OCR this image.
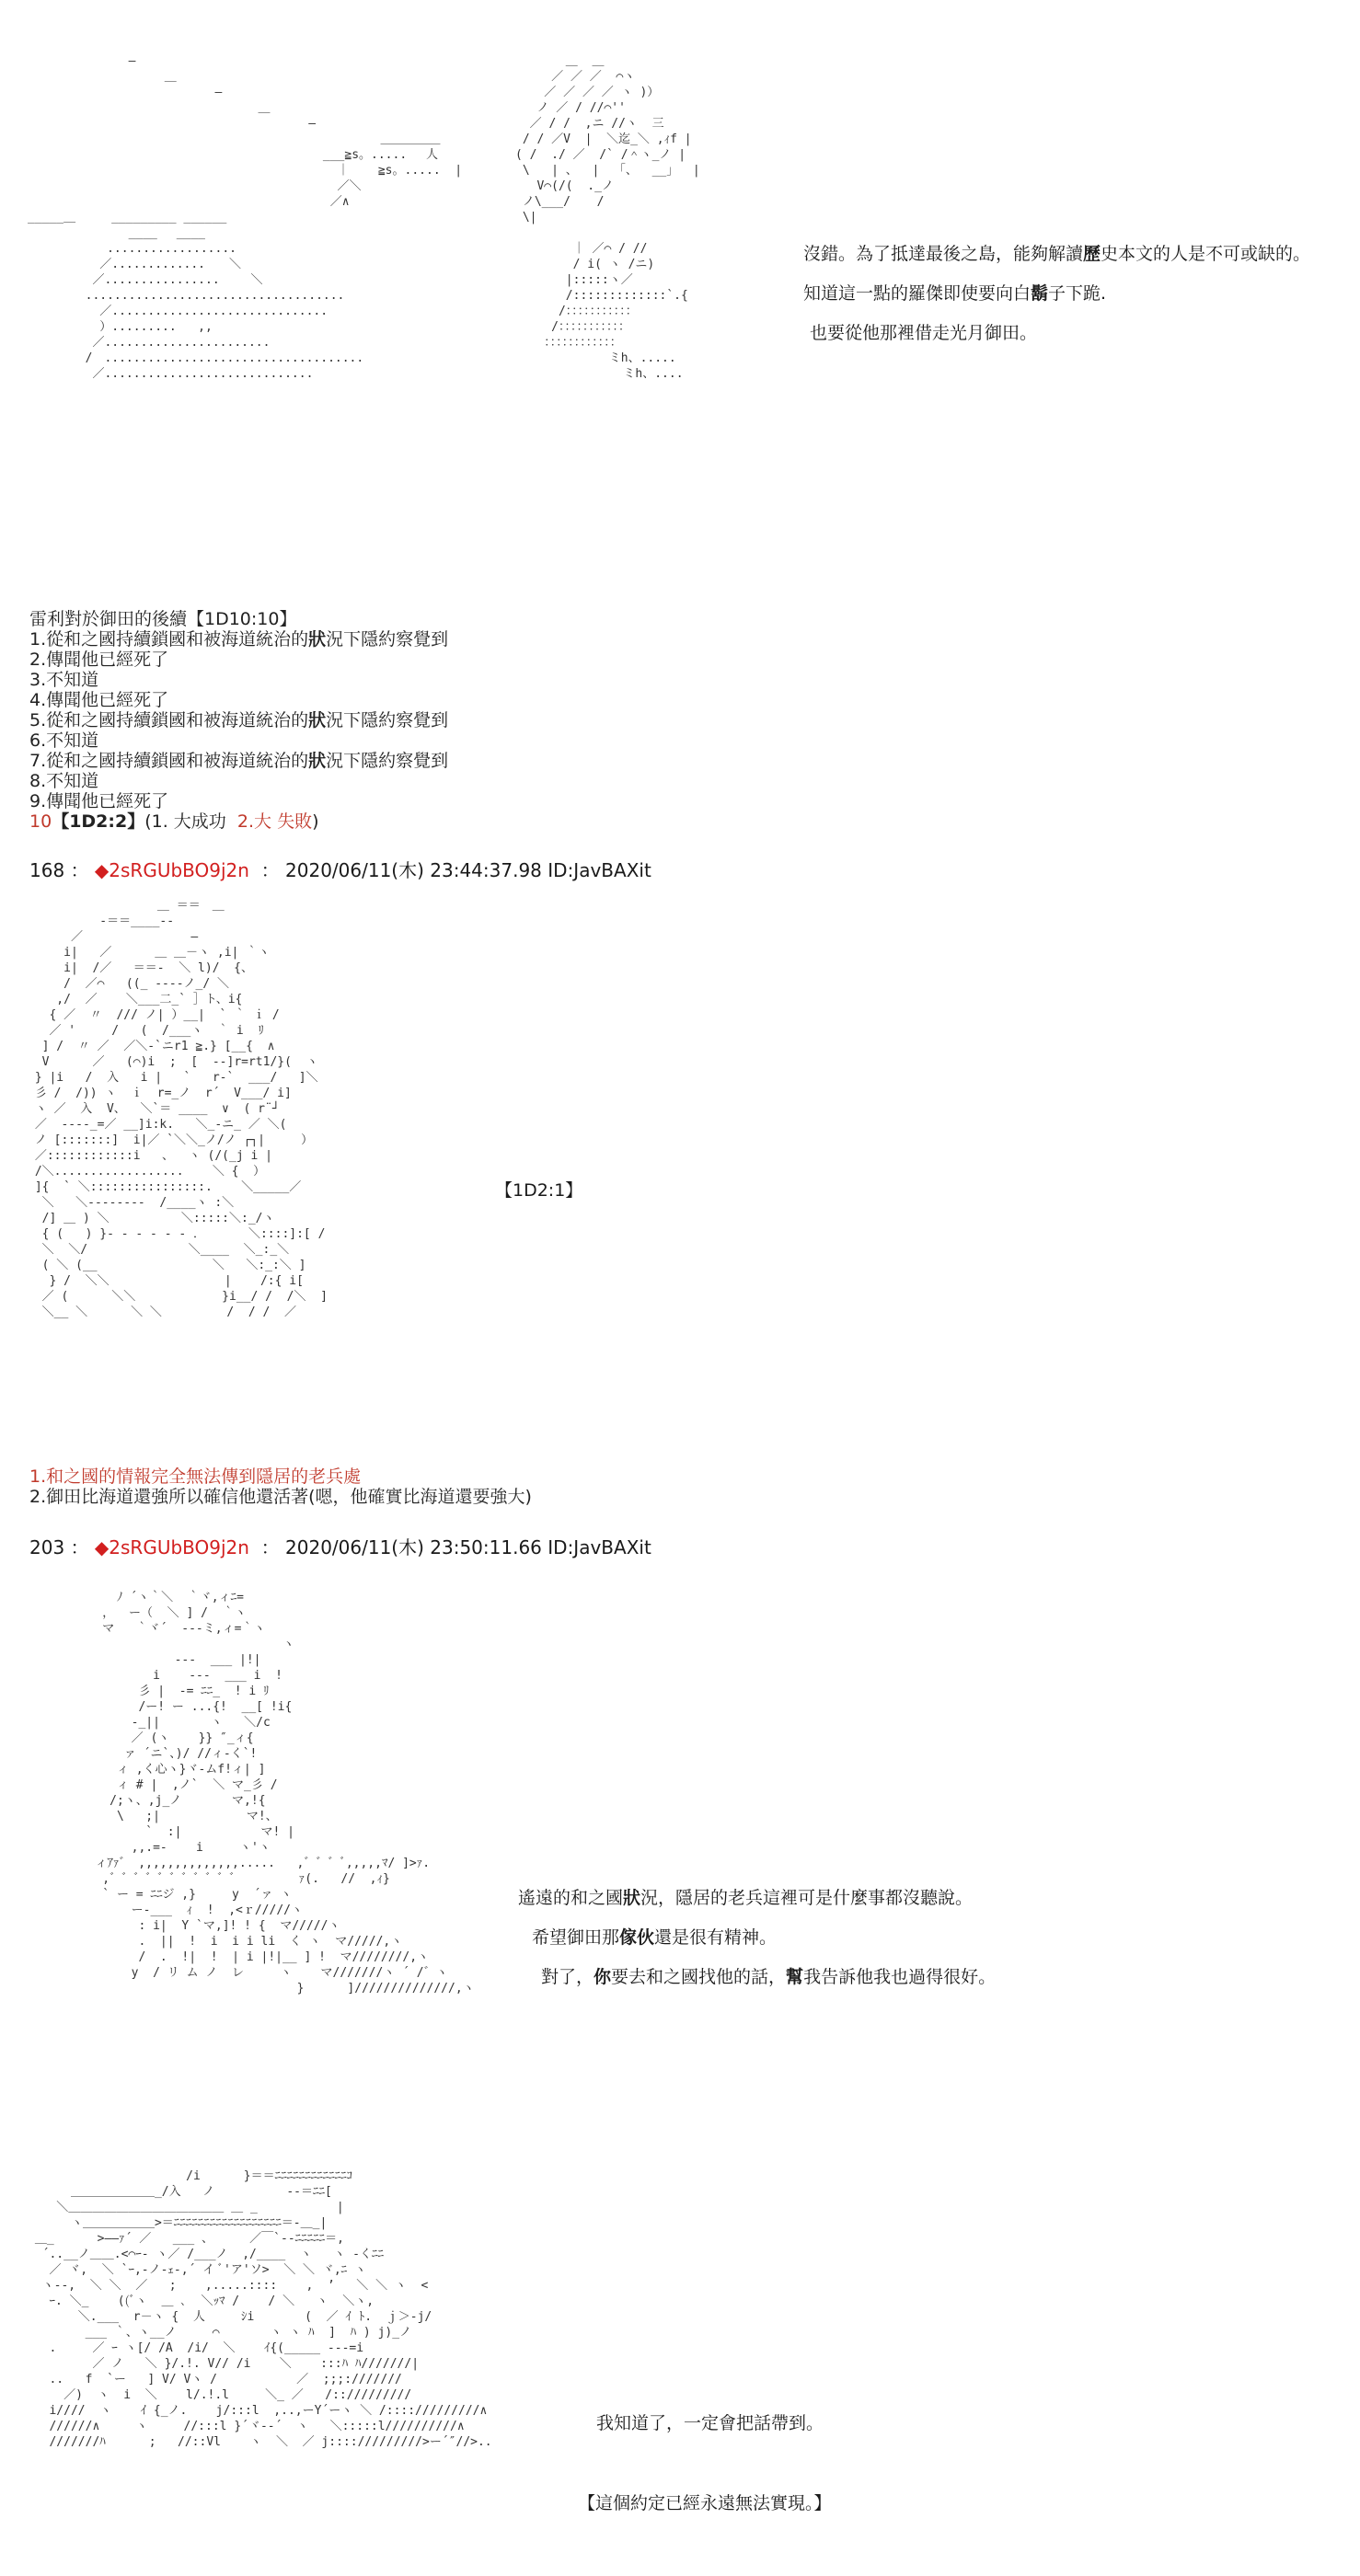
—
＿
—
＿
—
＿＿＿＿＿
___≧s。.....　 人
｜    ≧s。.....  |
／＼
／∧
_____＿　　　_________ ______
____　 ____
..................
／.............　　＼
／................　　 ＼
....................................
／..............................
）.........   ,,
／.......................
/　....................................
／.............................
＿  ＿
／ ／ ／  ⌒ヽ
／ ／ ／ ／ ヽ )）
ノ ／ / //⌒''
／ / /  ,ニ //ヽ  三
/ / ／V  |  ＼迄_＼ ,ｨf |
( /  ./ ／  /` /＾ヽ_ノ |
\   | 、  |  「、  __」  |
V⌒(/(  ._ノ
ノ\___/　  /
\|

｜ ／⌒ / //
/ i( ヽ /ニ)
|:::::ヽ／
/:::::::::::::`.{
/：：：：：：：：：：：
/：：：：：：：：：：：
：：：：：：：：：：：：
ミh、.....
ミh、....
沒錯。為了抵達最後之島，能夠解讀歷史本文的人是不可或缺的。
知道這一點的羅傑即使要向白鬍子下跪.
也要從他那裡借走光月御田。
雷利對於御田的後續【1D10:10】
1.從和之國持續鎖國和被海道統治的狀況下隱約察覺到
2.傳聞他已經死了
3.不知道
4.傳聞他已經死了
5.從和之國持續鎖國和被海道統治的狀況下隱約察覺到
6.不知道
7.從和之國持續鎖國和被海道統治的狀況下隱約察覺到
8.不知道
9.傳聞他已經死了
10【1D2:2】(1. 大成功 2.大 失敗)
168 ： ◆2sRGUbBO9j2n ： 2020/06/11(木) 23:44:37.98 ID:JavBAXit
＿ ＝＝　＿
-＝＝____--
／               ―
i|   ／      ＿ ＿－ヽ ,i| ｀ヽ
i|  /／   ＝＝-  ＼ l)/  {、
/  ／⌒   ((_ ----ノ_/ ＼
,/  ／    ＼___二_` ］ト、i{
{ ／  〃  /// ノ| ）__|  ` ｀ ｉ /
／ '     /   (  /___ヽ  ｀ i  ﾘ
] /  〃 ／  ／＼-`ニr1 ≧.} [__{  ∧
V      ／   (⌒)i  ;  [  --]r=rt1/}(  ヽ
} |i   /  入   i |   `   r-`  ___/   ]＼
彡 /  /)) ヽ  ｉ  r=_ノ  r´  V___/ i]
ヽ ／  入  V、  ＼`＝ ____  ∨  ( r¨┘
／  ----_=／ __]i:k.   ＼_-ニ_ ／ ＼(
ノ [:::::::]  i|／ `＼＼_ノ/ノ ┌┐|     ）
／::::::::::::i   、  ヽ (/(_j i |
/＼..................    ＼ {  ）
]{  ` ＼::::::::::::::::.    ＼_____／
＼   ＼--------  /____ヽ :＼
/] ＿ ) ＼          ＼:::::＼:_/ヽ
{ (   ) }- - - - - - ．      ＼::::]:[ /
＼  ＼/              ＼____  ＼_:_＼
( ＼ (__                ＼   ＼:_:＼ ]
} /  ＼＼                |    /:{ i[
／ (      ＼＼            }i__/ /  /＼  ]
＼__ ＼      ＼ ＼         /  / /  ／
【1D2:1】
1.和之國的情報完全無法傳到隱居的老兵處
2.御田比海道還強所以確信他還活著(嗯，他確實比海道還要強大)
203 ： ◆2sRGUbBO9j2n ： 2020/06/11(木) 23:50:11.66 ID:JavBAXit
ﾉ ´ヽ｀＼  ｀ヾ,ィﾆ=
，  ー（  ＼ ] /  ｀ヽ
マ   ｀ヾ´  ---ミ,ィ=｀ヽ
ヽ
---  ___ |!|
i    ---  ___ i  !
彡 |  ‐= ﾆﾆ_  ! i ﾘ
/ー! ー ...{!  __[ !i{
‐_||       ヽ   ＼/c
／ (ヽ    }} ″_ィ{
ァ ´ニ`、)/ //ィ‐く`!
ィ ,く心ヽ}ヾ‐ムf!ィ| ]
ィ # |  ,ノ`  ＼ マ_彡 /
/;ヽ、,j_ノ       マ,!{
\   ;|            マ!、
`  :|           マ! |
,,.=‐    i     ヽ'ヽ
ィｱｧ゛ ,,,,,,,,,,,,,,.....   ,゛゛゛ﾞ,,,,,ﾏ/ ]>ｧ.
,゛゛゛゛゛゛゛゛゛゛゛        ｧ(.   //  ,ｨ}
` ー = ﾆﾆジ ,}     y  ´ァ ヽ
ー‐___  ｨ  !  ,<ｒ/////ヽ
: i|  Y `マ,]! ! {  マ/////ヽ
.  ||  !  i  i i li  く ヽ  マ/////,ヽ
/  .  !|  !  | i |!|__ ] !  マ////////,ヽ
y  / リ ム ノ  レ     ヽ    マ///////ヽ ´ /゛ヽ
}      ]//////////////,ヽ
遙遠的和之國狀況，隱居的老兵這裡可是什麼事都沒聽說。
希望御田那傢伙還是很有精神。
對了，你要去和之國找他的話，幫我告訴他我也過得很好。
/i      }＝＝ﾆﾆﾆﾆﾆﾆﾆﾆﾆﾆﾆﾆｺ
＿＿＿＿＿＿＿_/入   ノ          ‐‐＝ﾆﾆ[
＼＿＿＿＿＿＿＿＿＿＿＿＿＿ ＿ _           |
ヽ＿＿＿＿＿＿>＝ﾆﾆﾆﾆﾆﾆﾆﾆﾆﾆﾆﾆﾆﾆﾆﾆﾆﾆ＝-＿_|
＿_      >――ｧ´ ／   ___ 、     ／￣`‐‐ﾆﾆﾆﾆﾆ＝,
´..__ノ＿＿.<⌒ｰ- ヽ／ /___ノ  ,/____  ヽ   ヽ -くﾆﾆ
／ ヾ,  ＼ `ｰ,-ノ-ｪ-,´ イ ﾞ'ア'ソ>  ＼ ＼ ヾ,ﾆ ヽ
ヽ--,  ＼ ＼  ／   ;    ,.....::::    ,  ’   ＼ ＼ ヽ  <
ｰ. ＼_    ((ﾞヽ  ＿ ､  ＼ｯﾏ /    / ＼   ヽ  ＼ヽ,
＼.___  r－ヽ {  人     ｼi       (  ／ ｲ ﾄ.  ｊ＞‐j/
___ ｀、ヽ__ノ     ⌒       ヽ ヽ ﾊ  ]  ﾊ ) j)_ノ
.     ／ ｰ ヽ[/ /A  /i/  ＼    ｲ{(_____ ‐‐‐=i
／ ノ   ＼ }/.!. V// /i    ＼    :::ﾊ ﾊ///////|
..   f  `ー   ] V/ Vヽ /           ／  ;;;:///////
／)  ヽ  i  ＼    l/.!.l     ＼_ ／   /:://///////
i////  ヽ    ｲ {_ノ.    j/:::l  ,..,ーY´ーヽ ＼ /:::://///////∧
//////∧     ヽ     //:::l }´ヾ--´  ヽ   ＼:::::l//////////∧
///////ﾊ      ;   //::Vl    ヽ  ＼  ／ j:::://///////>ー´″//>..
我知道了，一定會把話帶到。
【這個約定已經永遠無法實現。】
